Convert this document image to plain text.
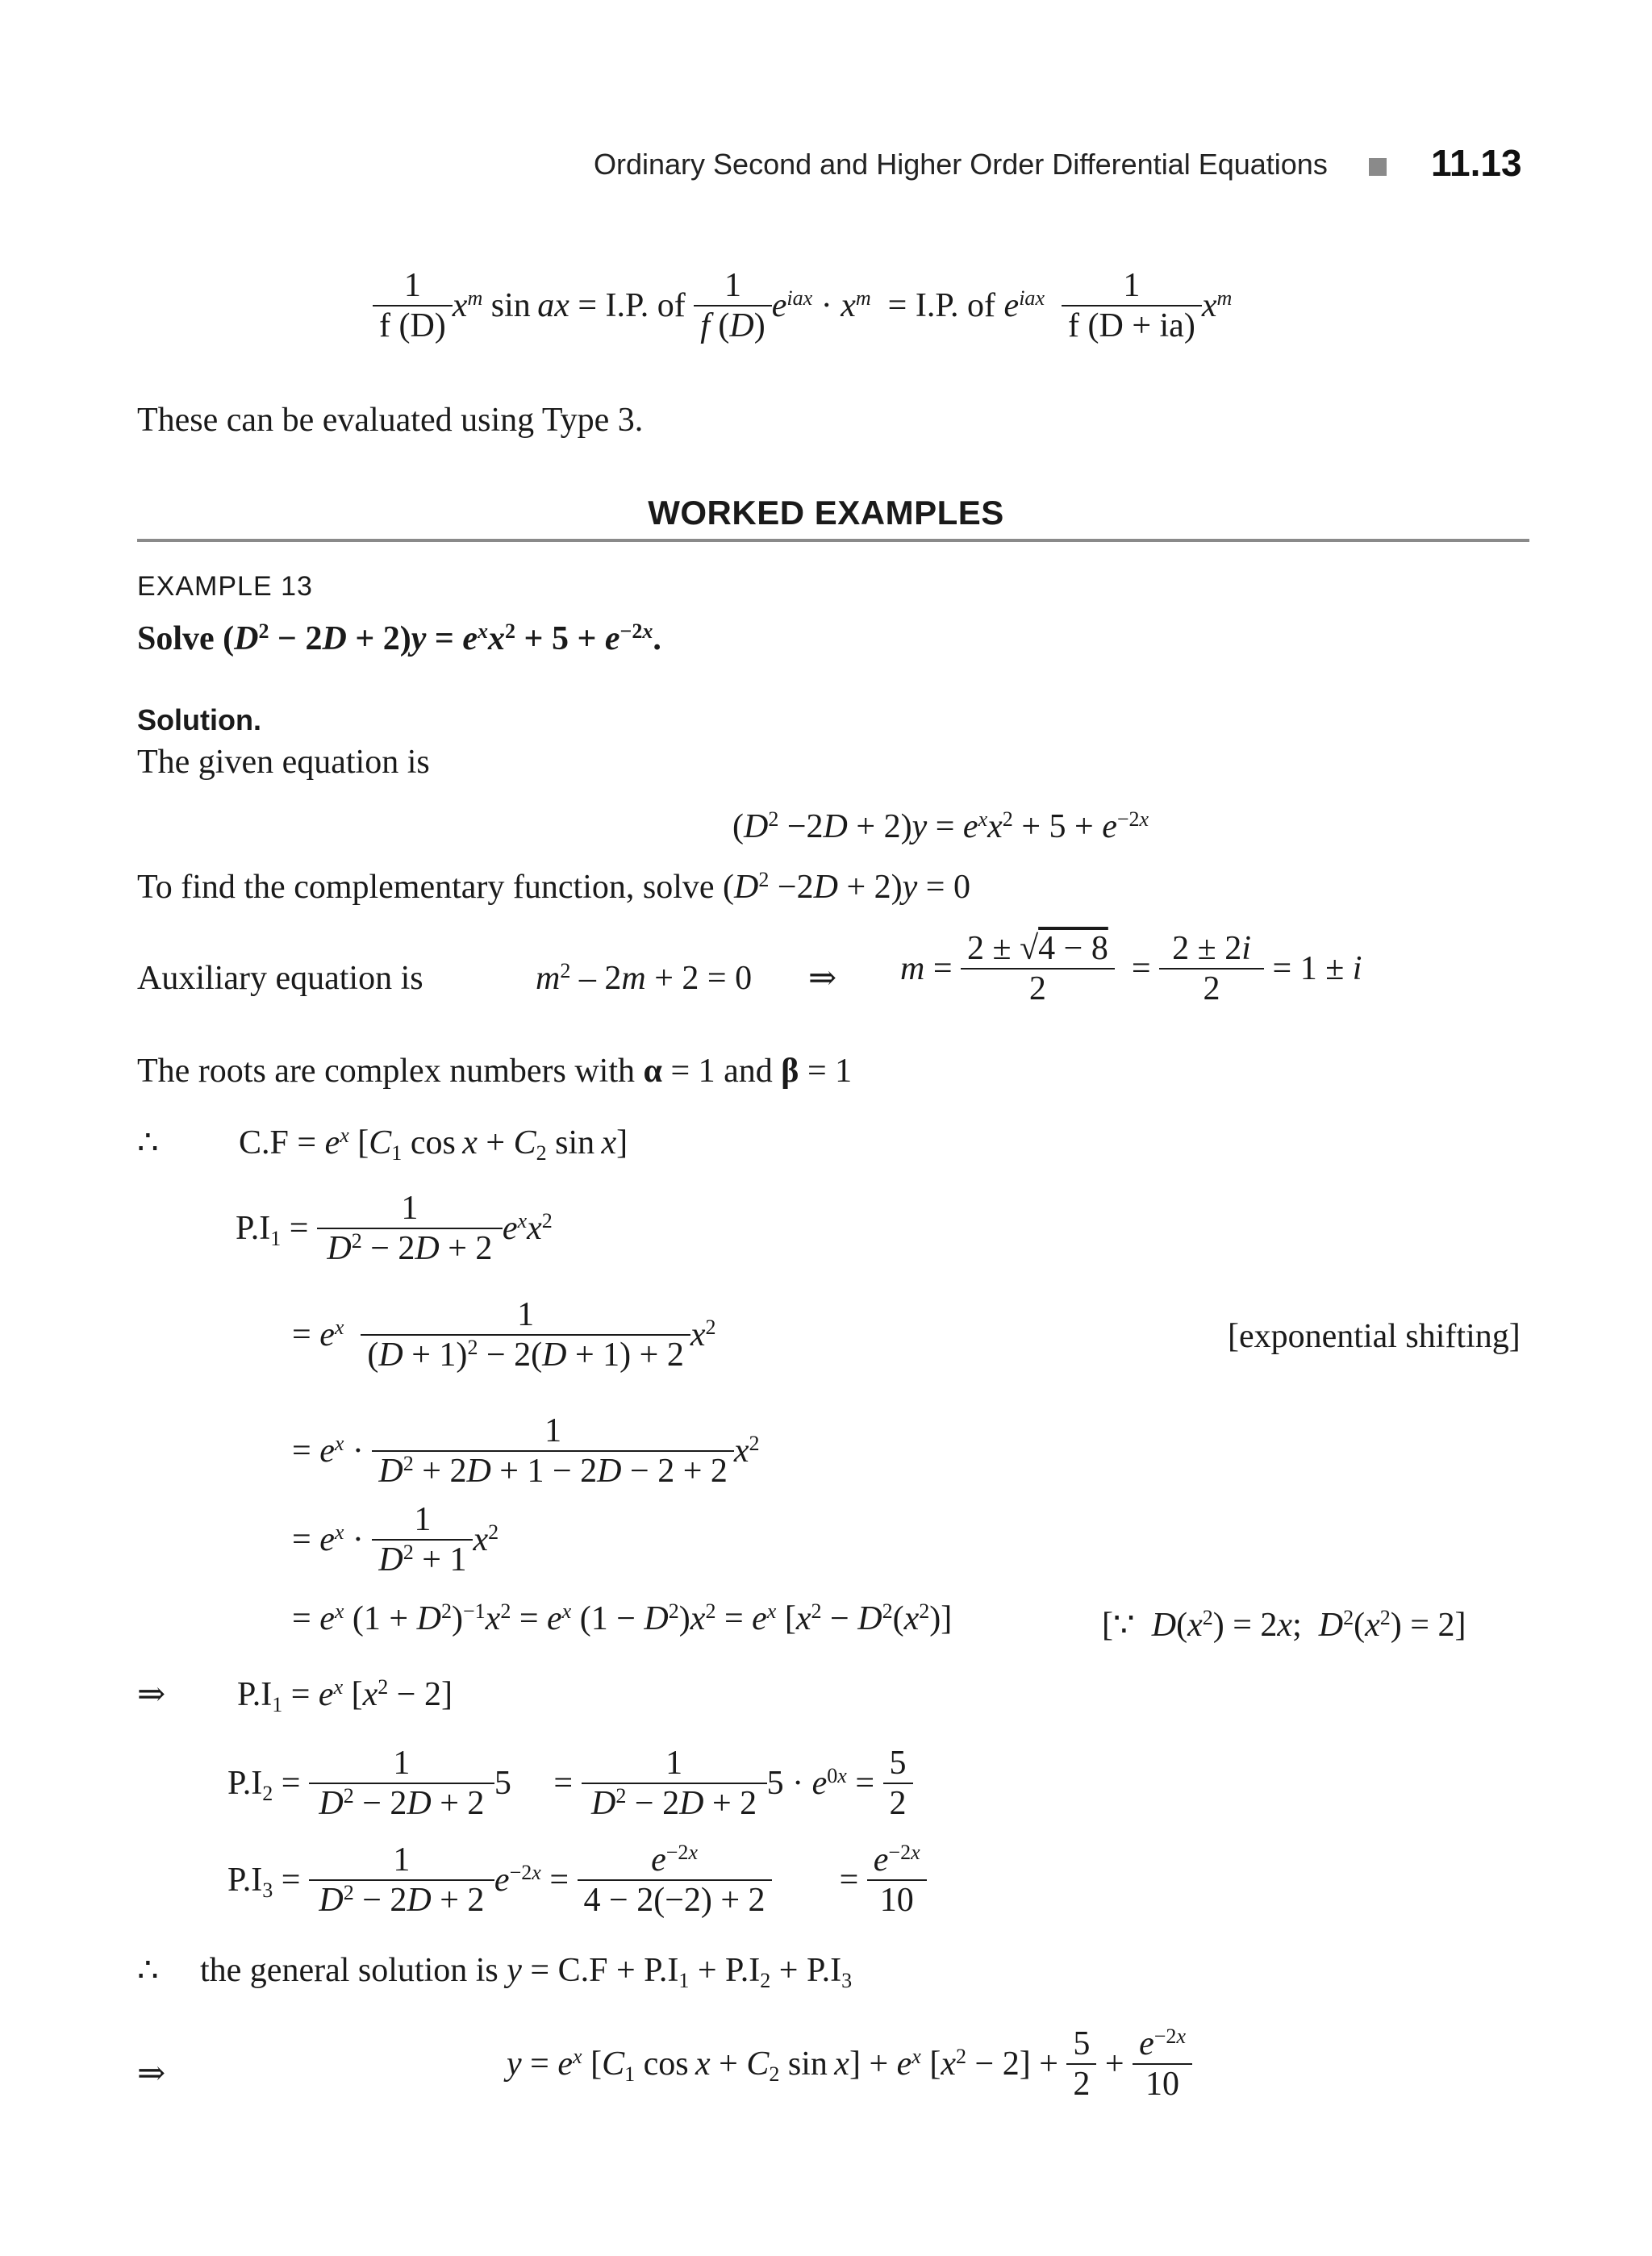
Ordinary Second and Higher Order Differential Equations	11.13
1
f (D)
$x^m$ sin ax = I.P. of
1
f (D)
$e^{iax} \cdot x^m = I.P$. of $e^{iax}$	1
f (D + ia)
$x^m$
These can be evaluated using Type 3.
WORKED EXAMPLES
EXAMPLE 13
Solve $(D^2 - 2D + 2)y = e^xx^2 + 5 + e^{-2x}$.
Solution.
The given equation is
$(D^2 -2D + 2)y = e^xx^2 + 5 + e^{-2x}$
To find the complementary function, solve $(D^2 -2D + 2)y = 0$
Auxiliary equation is	$m^2 - 2m + 2 = 0$ ⇒ $m = \frac{2 \pm √4 - 8}{2} = \frac{2 \pm 2i}{2} = 1 \pm i$
The roots are complex numbers with α = 1 and β = 1
∴ $C.F = e^x$ [$C_1$ $\cos x + C_2$ sin x]
$P.I_1 = \frac{1}{D^2 - 2D + 2} e^xx^2$
= $e^x$	1
$(D + 1)^2 - 2(D + 1) + 2$
$x^2$	[exponential shifting]
= $e^x$ ·
1
$D^2 + 2D + 1 - 2D - 2 + 2$
$x^2$
= $e^x$ ·
1
$D^2 + 1$
$x^2$
= $e^x$ $(1 + D^2)^{-1}x^2 = e^x$ $(1 - D^2)x^2 = e^x$ $[x^2 - D^2(x^2)]$	[∵  $D(x^2) = 2x$;  $D^2(x^2) = 2$]
⇒ $P.I_1 = e^x$ $[x^2 - 2]$
$P.I_2 = \frac{1}{D^2 - 2D + 2} 5$     = $\frac{1}{D^2 - 2D + 2} 5 \cdot e^{0x} = \frac{5}{2}$
$P.I_3 = \frac{1}{D^2 - 2D + 2} e^{-2x} = \frac{e^{-2x}}{4 - 2(-2) + 2} = \frac{e^{-2x}}{10}$
∴ the general solution is $y = C.F + P.I_1 + P.I_2 + P.I_3$
⇒	$y = e^x$ [$C_1$ $\cos x + C_2$ $\sin x] + e^x$ $[x^2 - 2] + \frac{5}{2} + \frac{e^{-2x}}{10}$
